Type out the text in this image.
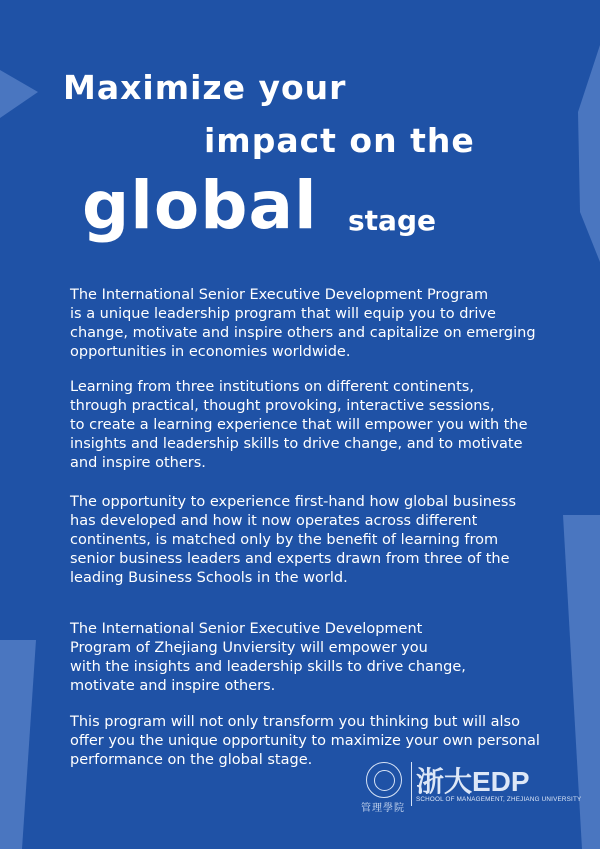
Maximize your
impact on the
global stage
The International Senior Executive Development Program
is a unique leadership program that will equip you to drive
change, motivate and inspire others and capitalize on emerging
opportunities in economies worldwide.
Learning from three institutions on different continents,
through practical, thought provoking, interactive sessions,
to create a learning experience that will empower you with the
insights and leadership skills to drive change, and to motivate
and inspire others.
The opportunity to experience first-hand how global business
has developed and how it now operates across different
continents, is matched only by the benefit of learning from
senior business leaders and experts drawn from three of the
leading Business Schools in the world.
The International Senior Executive Development
Program of Zhejiang Unviersity will empower you
with the insights and leadership skills to drive change,
motivate and inspire others.
This program will not only transform you thinking but will also
offer you the unique opportunity to maximize your own personal
performance on the global stage.
管理學院
浙大EDP
SCHOOL OF MANAGEMENT, ZHEJIANG UNIVERSITY
